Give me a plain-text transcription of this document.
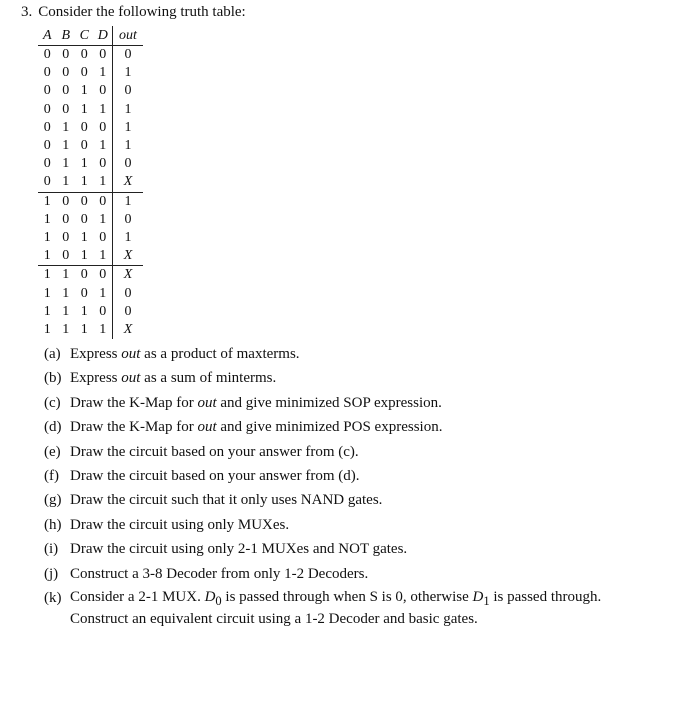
3. Consider the following truth table:
A	B	C	D	out
0	0	0	0	0
0	0	0	1	1
0	0	1	0	0
0	0	1	1	1
0	1	0	0	1
0	1	0	1	1
0	1	1	0	0
0	1	1	1	X
1	0	0	0	1
1	0	0	1	0
1	0	1	0	1
1	0	1	1	X
1	1	0	0	X
1	1	0	1	0
1	1	1	0	0
1	1	1	1	X
(a) Express out as a product of maxterms.
(b) Express out as a sum of minterms.
(c) Draw the K-Map for out and give minimized SOP expression.
(d) Draw the K-Map for out and give minimized POS expression.
(e) Draw the circuit based on your answer from (c).
(f) Draw the circuit based on your answer from (d).
(g) Draw the circuit such that it only uses NAND gates.
(h) Draw the circuit using only MUXes.
(i) Draw the circuit using only 2-1 MUXes and NOT gates.
(j) Construct a 3-8 Decoder from only 1-2 Decoders.
(k) Consider a 2-1 MUX. $D_0$ is passed through when S is 0, otherwise $D_1$ is passed through.
Construct an equivalent circuit using a 1-2 Decoder and basic gates.
